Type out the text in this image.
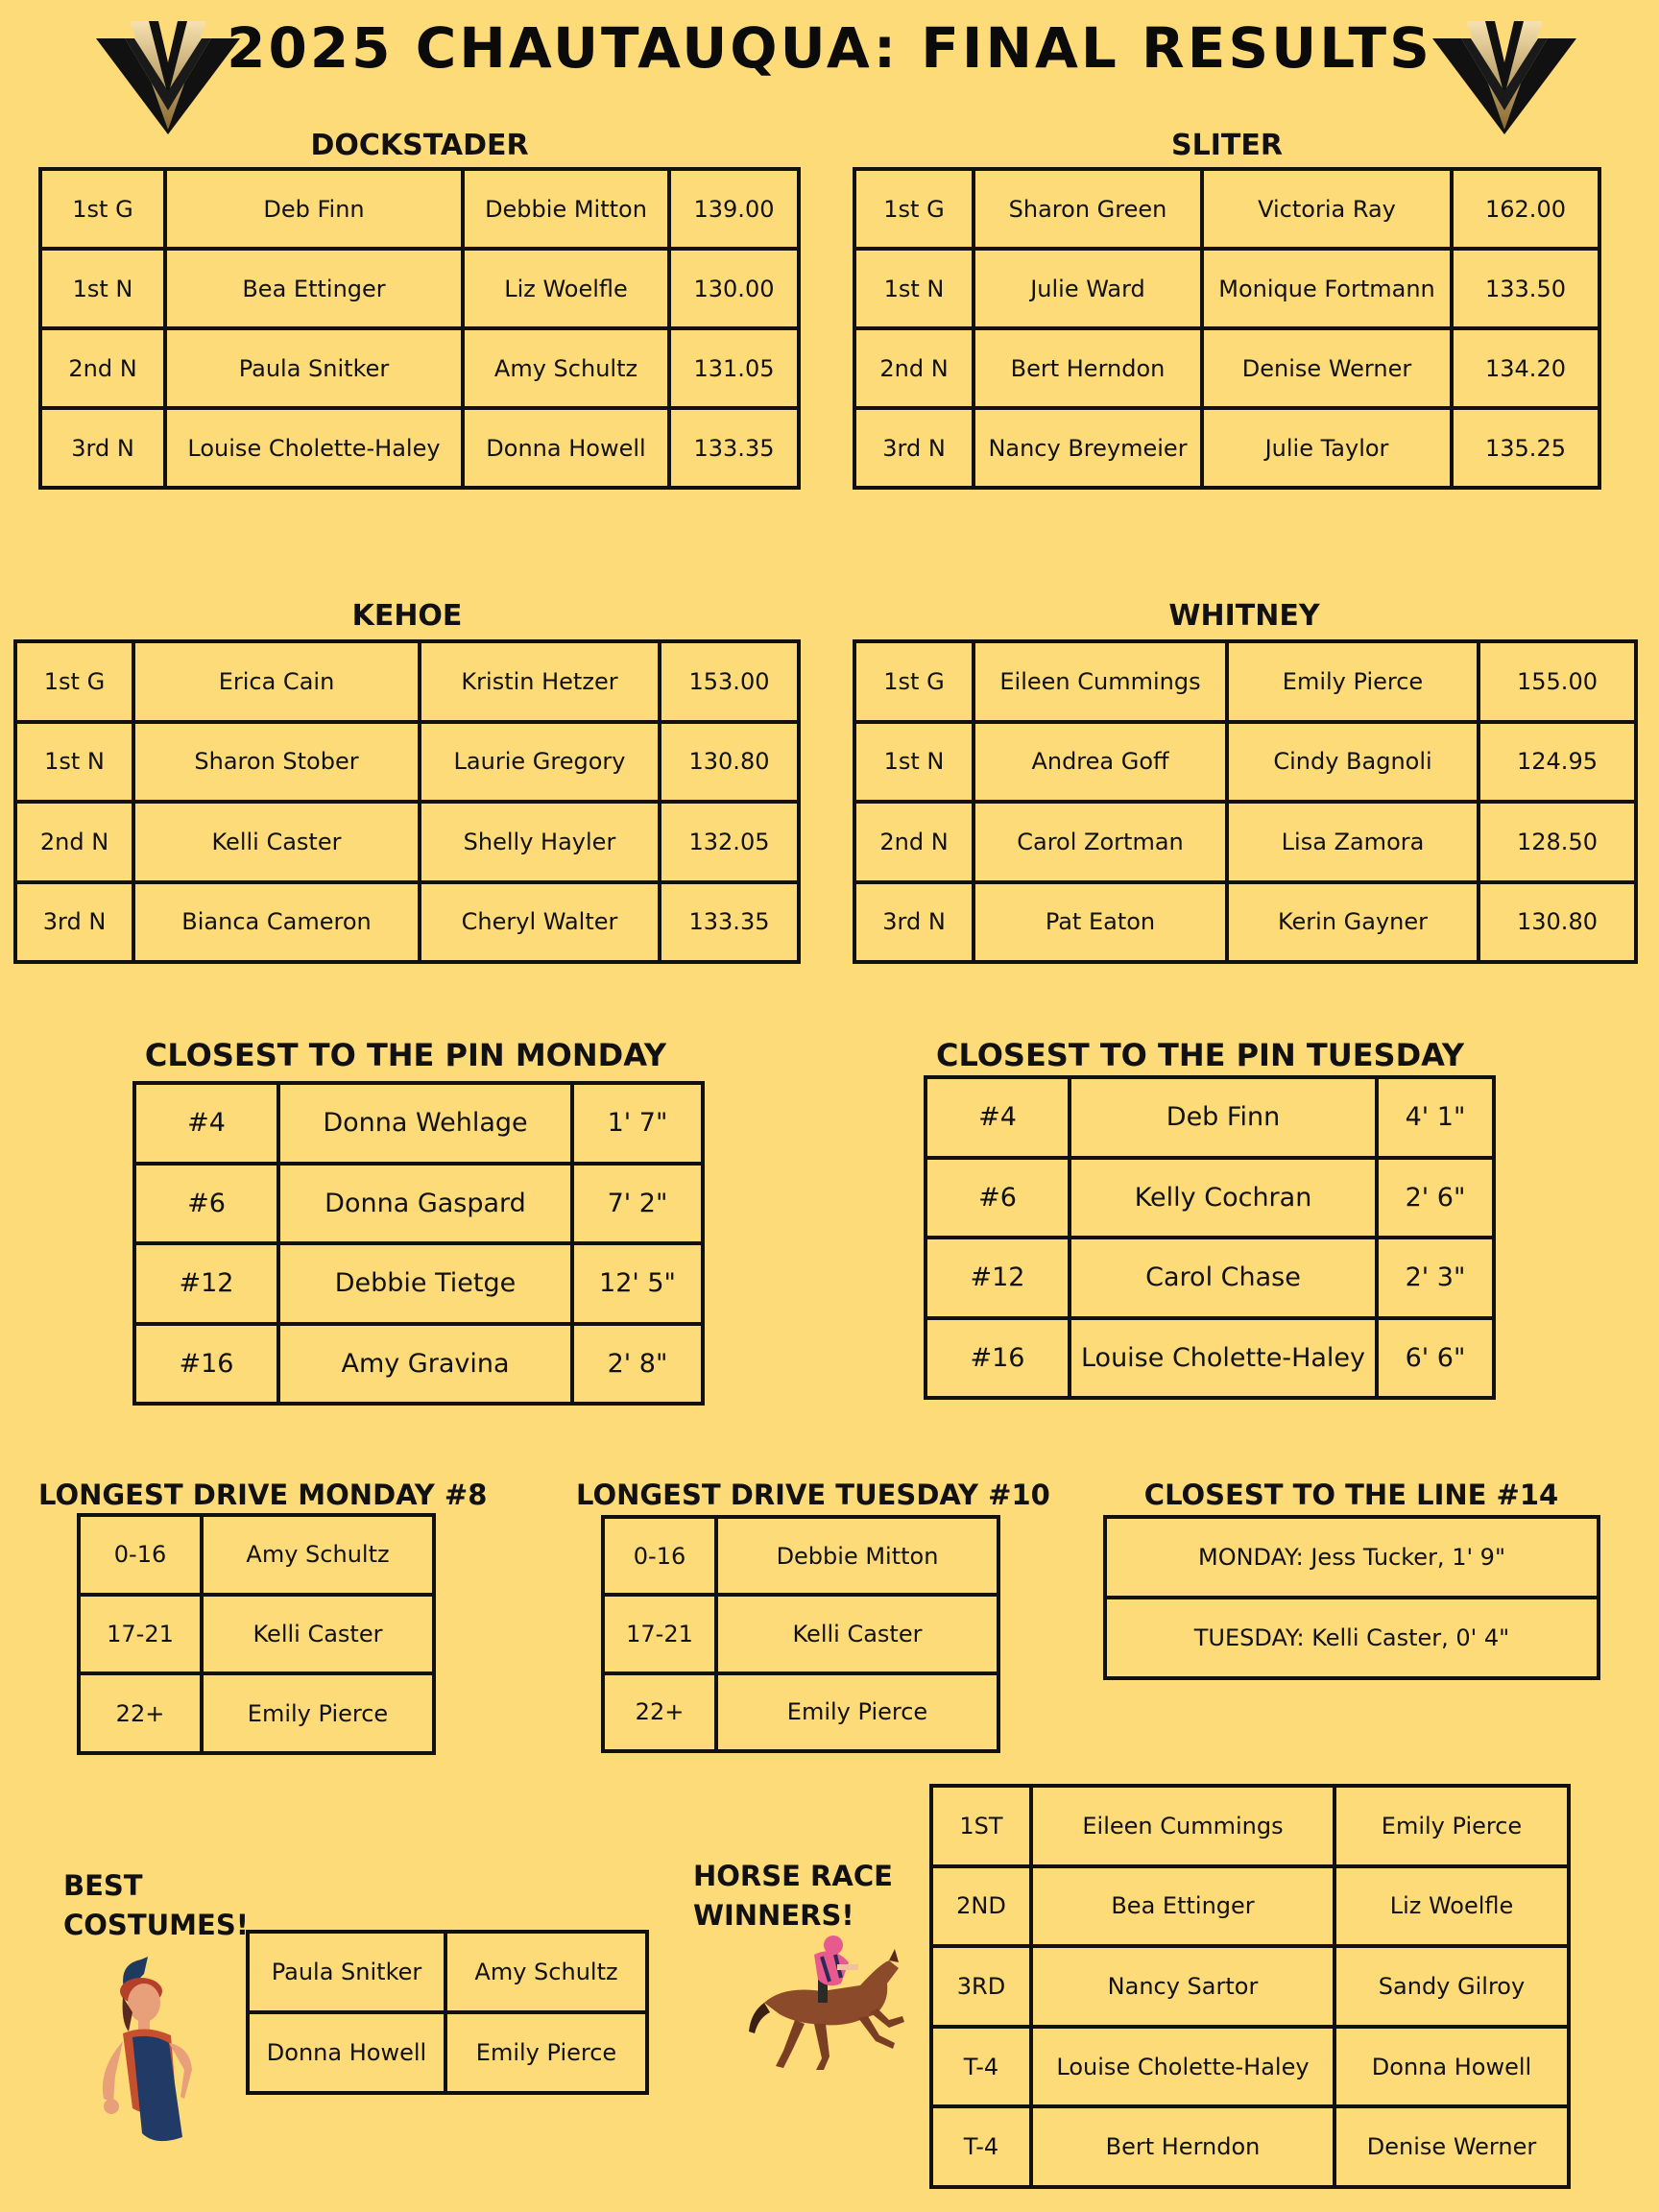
2025 CHAUTAUQUA: FINAL RESULTS
DOCKSTADER
1st G	Deb Finn	Debbie Mitton	139.00
1st N	Bea Ettinger	Liz Woelfle	130.00
2nd N	Paula Snitker	Amy Schultz	131.05
3rd N	Louise Cholette-Haley	Donna Howell	133.35
SLITER
1st G	Sharon Green	Victoria Ray	162.00
1st N	Julie Ward	Monique Fortmann	133.50
2nd N	Bert Herndon	Denise Werner	134.20
3rd N	Nancy Breymeier	Julie Taylor	135.25
KEHOE
1st G	Erica Cain	Kristin Hetzer	153.00
1st N	Sharon Stober	Laurie Gregory	130.80
2nd N	Kelli Caster	Shelly Hayler	132.05
3rd N	Bianca Cameron	Cheryl Walter	133.35
WHITNEY
1st G	Eileen Cummings	Emily Pierce	155.00
1st N	Andrea Goff	Cindy Bagnoli	124.95
2nd N	Carol Zortman	Lisa Zamora	128.50
3rd N	Pat Eaton	Kerin Gayner	130.80
CLOSEST TO THE PIN MONDAY
#4	Donna Wehlage	1' 7"
#6	Donna Gaspard	7' 2"
#12	Debbie Tietge	12' 5"
#16	Amy Gravina	2' 8"
CLOSEST TO THE PIN TUESDAY
#4	Deb Finn	4' 1"
#6	Kelly Cochran	2' 6"
#12	Carol Chase	2' 3"
#16	Louise Cholette-Haley	6' 6"
LONGEST DRIVE MONDAY #8
0-16	Amy Schultz
17-21	Kelli Caster
22+	Emily Pierce
LONGEST DRIVE TUESDAY #10
0-16	Debbie Mitton
17-21	Kelli Caster
22+	Emily Pierce
CLOSEST TO THE LINE #14
MONDAY: Jess Tucker, 1' 9"
TUESDAY: Kelli Caster, 0' 4"
BEST
COSTUMES!
Paula Snitker	Amy Schultz
Donna Howell	Emily Pierce
HORSE RACE
WINNERS!
1ST	Eileen Cummings	Emily Pierce
2ND	Bea Ettinger	Liz Woelfle
3RD	Nancy Sartor	Sandy Gilroy
T-4	Louise Cholette-Haley	Donna Howell
T-4	Bert Herndon	Denise Werner
